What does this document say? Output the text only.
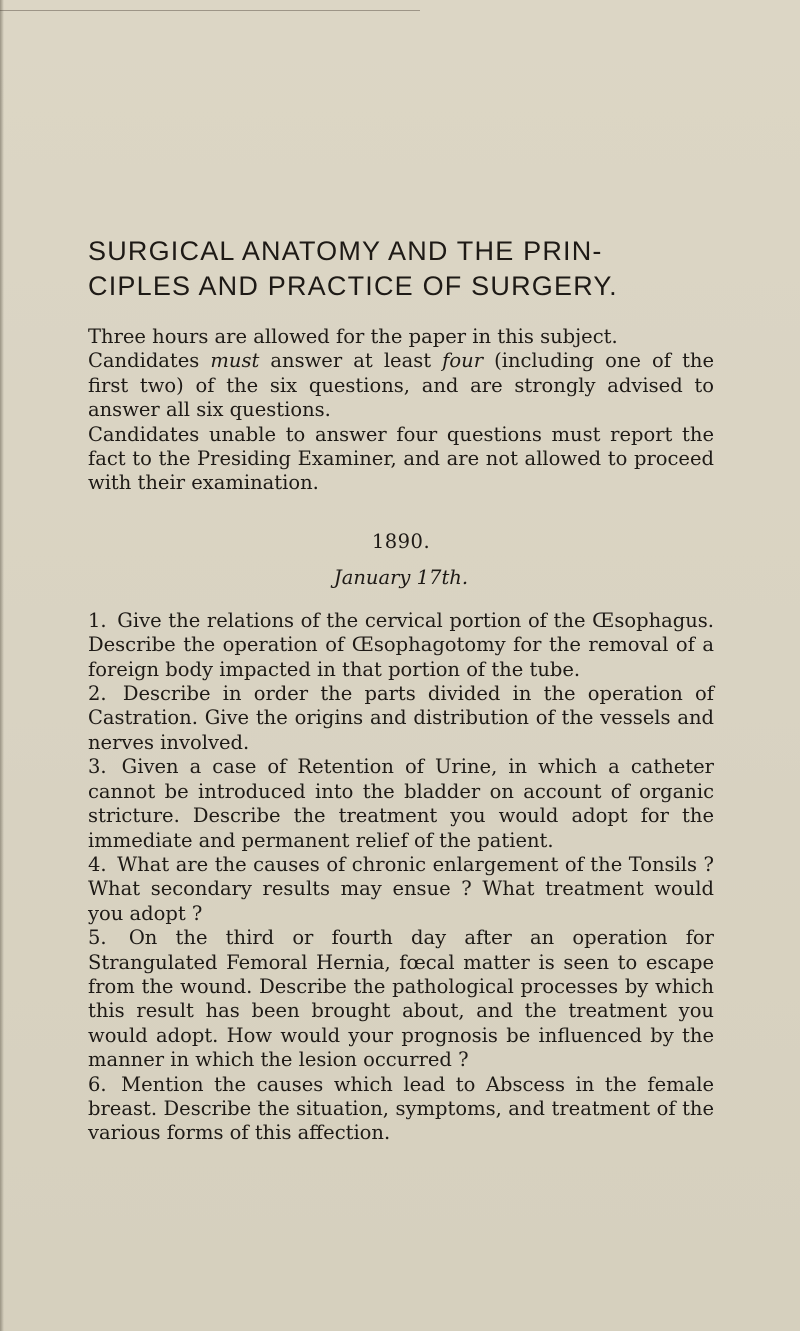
SURGICAL ANATOMY AND THE PRIN-
CIPLES AND PRACTICE OF SURGERY.

Three hours are allowed for the paper in this subject.

Candidates must answer at least four (including one of the first two) of the six questions, and are strongly advised to answer all six questions.

Candidates unable to answer four questions must report the fact to the Presiding Examiner, and are not allowed to proceed with their examination.

1890.
January 17th.

1. Give the relations of the cervical portion of the Œsophagus. Describe the operation of Œsophagotomy for the removal of a foreign body impacted in that portion of the tube.

2. Describe in order the parts divided in the operation of Castration. Give the origins and distribution of the vessels and nerves involved.

3. Given a case of Retention of Urine, in which a catheter cannot be introduced into the bladder on account of organic stricture. Describe the treatment you would adopt for the immediate and permanent relief of the patient.

4. What are the causes of chronic enlargement of the Tonsils ? What secondary results may ensue ? What treatment would you adopt ?

5. On the third or fourth day after an operation for Strangulated Femoral Hernia, fœcal matter is seen to escape from the wound. Describe the pathological processes by which this result has been brought about, and the treatment you would adopt. How would your prognosis be influenced by the manner in which the lesion occurred ?

6. Mention the causes which lead to Abscess in the female breast. Describe the situation, symptoms, and treatment of the various forms of this affection.
